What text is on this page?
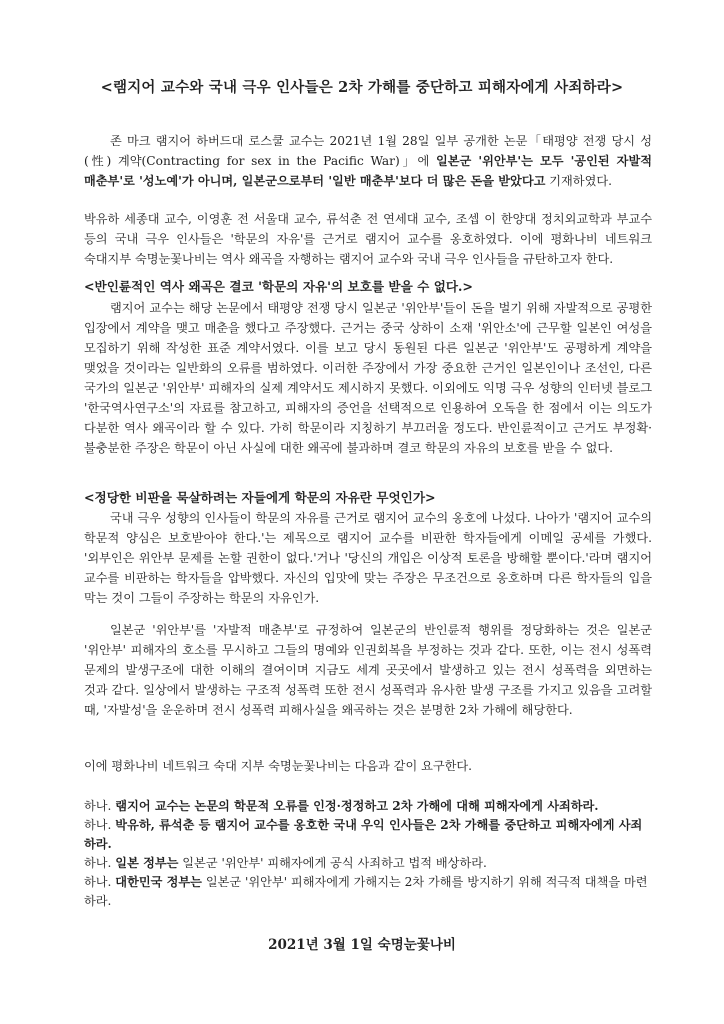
<램지어 교수와 국내 극우 인사들은 2차 가해를 중단하고 피해자에게 사죄하라>

존 마크 램지어 하버드대 로스쿨 교수는 2021년 1월 28일 일부 공개한 논문「태평양 전쟁 당시 성(性) 계약(Contracting for sex in the Pacific War)」에 일본군 '위안부'는 모두 '공인된 자발적 매춘부'로 '성노예'가 아니며, 일본군으로부터 '일반 매춘부'보다 더 많은 돈을 받았다고 기재하였다.

박유하 세종대 교수, 이영훈 전 서울대 교수, 류석춘 전 연세대 교수, 조셉 이 한양대 정치외교학과 부교수 등의 국내 극우 인사들은 '학문의 자유'를 근거로 램지어 교수를 옹호하였다. 이에 평화나비 네트워크 숙대지부 숙명눈꽃나비는 역사 왜곡을 자행하는 램지어 교수와 국내 극우 인사들을 규탄하고자 한다.

<반인륜적인 역사 왜곡은 결코 '학문의 자유'의 보호를 받을 수 없다.>

램지어 교수는 해당 논문에서 태평양 전쟁 당시 일본군 '위안부'들이 돈을 벌기 위해 자발적으로 공평한 입장에서 계약을 맺고 매춘을 했다고 주장했다. 근거는 중국 상하이 소재 '위안소'에 근무할 일본인 여성을 모집하기 위해 작성한 표준 계약서였다. 이를 보고 당시 동원된 다른 일본군 '위안부'도 공평하게 계약을 맺었을 것이라는 일반화의 오류를 범하였다. 이러한 주장에서 가장 중요한 근거인 일본인이나 조선인, 다른 국가의 일본군 '위안부' 피해자의 실제 계약서도 제시하지 못했다. 이외에도 익명 극우 성향의 인터넷 블로그 '한국역사연구소'의 자료를 참고하고, 피해자의 증언을 선택적으로 인용하여 오독을 한 점에서 이는 의도가 다분한 역사 왜곡이라 할 수 있다. 가히 학문이라 지칭하기 부끄러울 정도다. 반인륜적이고 근거도 부정확·불충분한 주장은 학문이 아닌 사실에 대한 왜곡에 불과하며 결코 학문의 자유의 보호를 받을 수 없다.

<정당한 비판을 묵살하려는 자들에게 학문의 자유란 무엇인가>

국내 극우 성향의 인사들이 학문의 자유를 근거로 램지어 교수의 옹호에 나섰다. 나아가 '램지어 교수의 학문적 양심은 보호받아야 한다.'는 제목으로 램지어 교수를 비판한 학자들에게 이메일 공세를 가했다. '외부인은 위안부 문제를 논할 권한이 없다.'거나 '당신의 개입은 이상적 토론을 방해할 뿐이다.'라며 램지어 교수를 비판하는 학자들을 압박했다. 자신의 입맛에 맞는 주장은 무조건으로 옹호하며 다른 학자들의 입을 막는 것이 그들이 주장하는 학문의 자유인가.

일본군 '위안부'를 '자발적 매춘부'로 규정하여 일본군의 반인륜적 행위를 정당화하는 것은 일본군 '위안부' 피해자의 호소를 무시하고 그들의 명예와 인권회복을 부정하는 것과 같다. 또한, 이는 전시 성폭력 문제의 발생구조에 대한 이해의 결여이며 지금도 세계 곳곳에서 발생하고 있는 전시 성폭력을 외면하는 것과 같다. 일상에서 발생하는 구조적 성폭력 또한 전시 성폭력과 유사한 발생 구조를 가지고 있음을 고려할 때, '자발성'을 운운하며 전시 성폭력 피해사실을 왜곡하는 것은 분명한 2차 가해에 해당한다.

이에 평화나비 네트워크 숙대 지부 숙명눈꽃나비는 다음과 같이 요구한다.

하나. 램지어 교수는 논문의 학문적 오류를 인정·정정하고 2차 가해에 대해 피해자에게 사죄하라.
하나. 박유하, 류석춘 등 램지어 교수를 옹호한 국내 우익 인사들은 2차 가해를 중단하고 피해자에게 사죄하라.
하나. 일본 정부는 일본군 '위안부' 피해자에게 공식 사죄하고 법적 배상하라.
하나. 대한민국 정부는 일본군 '위안부' 피해자에게 가해지는 2차 가해를 방지하기 위해 적극적 대책을 마련하라.
2021년 3월 1일 숙명눈꽃나비
